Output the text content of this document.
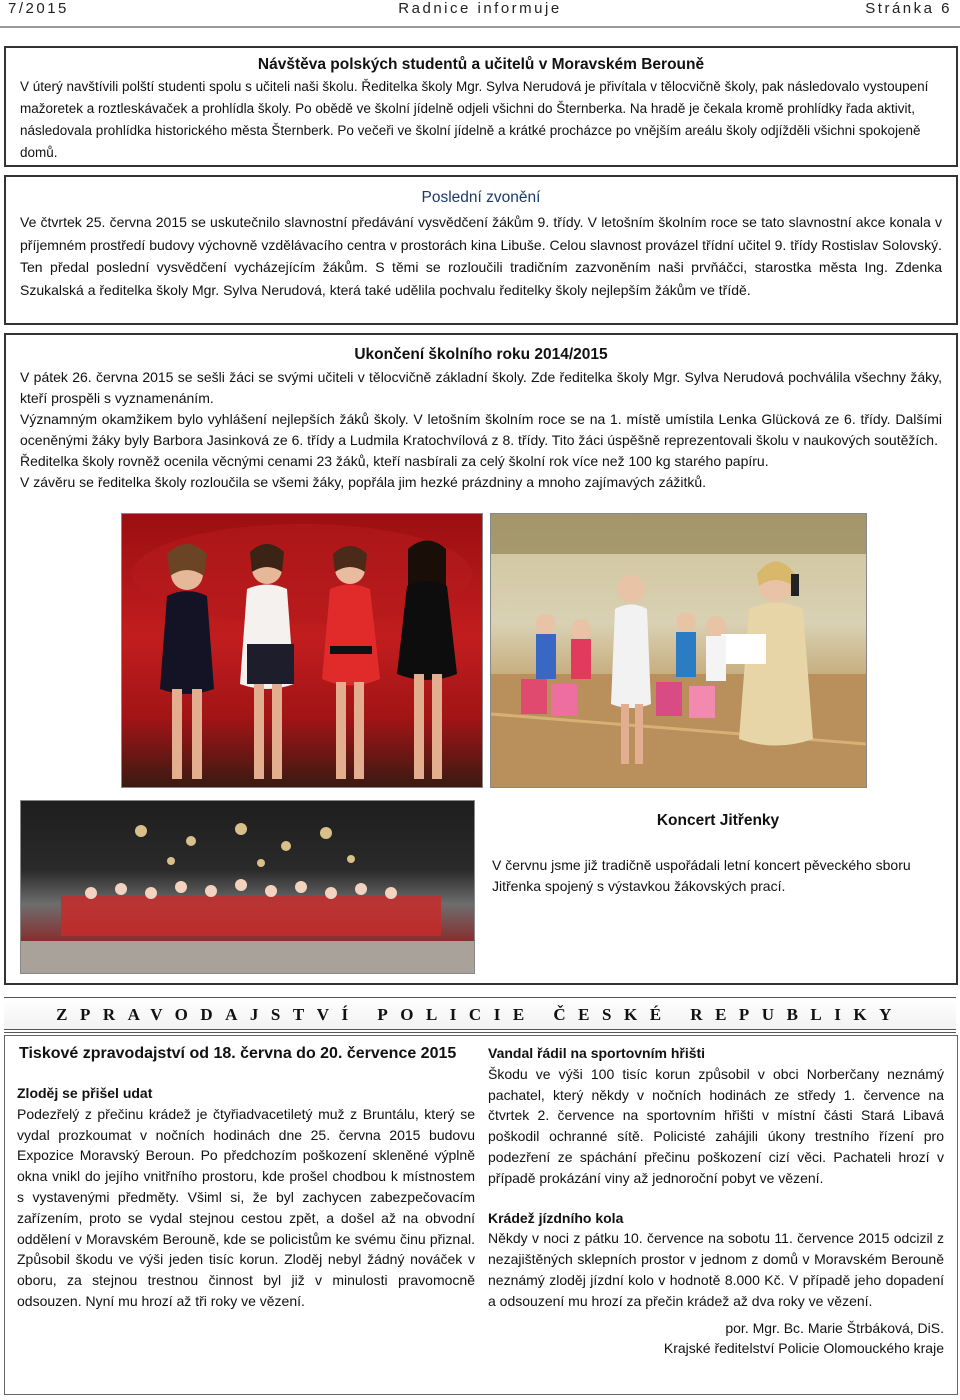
7/2015	Radnice informuje	Stránka 6
Návštěva polských studentů a učitelů v Moravském Berouně

V úterý navštívili polští studenti spolu s učiteli naši školu. Ředitelka školy Mgr. Sylva Nerudová je přivítala v tělocvičně školy, pak následovalo vystoupení mažoretek a roztleskávaček a prohlídla školy. Po obědě ve školní jídelně odjeli všichni do Šternberka. Na hradě je čekala kromě prohlídky řada aktivit, následovala prohlídka historického města Šternberk. Po večeři ve školní jídelně a krátké procházce po vnějším areálu školy odjížděli všichni spokojeně domů.

Poslední zvonění

Ve čtvrtek 25. června 2015 se uskutečnilo slavnostní předávání vysvědčení žákům 9. třídy. V letošním školním roce se tato slavnostní akce konala v příjemném prostředí budovy výchovně vzdělávacího centra v prostorách kina Libuše. Celou slavnost provázel třídní učitel 9. třídy Rostislav Solovský. Ten předal poslední vysvědčení vycházejícím žákům. S těmi se rozloučili tradičním zazvoněním naši prvňáčci, starostka města Ing. Zdenka Szukalská a ředitelka školy Mgr. Sylva Nerudová, která také udělila pochvalu ředitelky školy nejlepším žákům ve třídě.

Ukončení školního roku 2014/2015

V pátek 26. června 2015 se sešli žáci se svými učiteli v tělocvičně základní školy. Zde ředitelka školy Mgr. Sylva Nerudová pochválila všechny žáky, kteří prospěli s vyznamenáním.

Významným okamžikem bylo vyhlášení nejlepších žáků školy. V letošním školním roce se na 1. místě umístila Lenka Glücková ze 6. třídy. Dalšími oceněnými žáky byly Barbora Jasinková ze 6. třídy a Ludmila Kratochvílová z 8. třídy. Tito žáci úspěšně reprezentovali školu v naukových soutěžích.

Ředitelka školy rovněž ocenila věcnými cenami 23 žáků, kteří nasbírali za celý školní rok více než 100 kg starého papíru.

V závěru se ředitelka školy rozloučila se všemi žáky, popřála jim hezké prázdniny a mnoho zajímavých zážitků.

Koncert Jitřenky
V červnu jsme již tradičně uspořádali letní koncert pěveckého sboru Jitřenka spojený s výstavkou žákovských prací.
ZPRAVODAJSTVÍ POLICIE ČESKÉ REPUBLIKY
Tiskové zpravodajství od 18. června do 20. července 2015
Zloděj se přišel udat

Podezřelý z přečinu krádež je čtyřiadvacetiletý muž z Bruntálu, který se vydal prozkoumat v nočních hodinách dne 25. června 2015 budovu Expozice Moravský Beroun. Po předchozím poškození skleněné výplně okna vnikl do jejího vnitřního prostoru, kde prošel chodbou k místnostem s vystavenými předměty. Všiml si, že byl zachycen zabezpečovacím zařízením, proto se vydal stejnou cestou zpět, a došel až na obvodní oddělení v Moravském Berouně, kde se policistům ke svému činu přiznal. Způsobil škodu ve výši jeden tisíc korun. Zloděj nebyl žádný nováček v oboru, za stejnou trestnou činnost byl již v minulosti pravomocně odsouzen. Nyní mu hrozí až tři roky ve vězení.

Vandal řádil na sportovním hřišti

Škodu ve výši 100 tisíc korun způsobil v obci Norberčany neznámý pachatel, který někdy v nočních hodinách ze středy 1. července na čtvrtek 2. července na sportovním hřišti v místní části Stará Libavá poškodil ochranné sítě. Policisté zahájili úkony trestního řízení pro podezření ze spáchání přečinu poškození cizí věci. Pachateli hrozí v případě prokázání viny až jednoroční pobyt ve vězení.

Krádež jízdního kola

Někdy v noci z pátku 10. července na sobotu 11. července 2015 odcizil z nezajištěných sklepních prostor v jednom z domů v Moravském Berouně neznámý zloděj jízdní kolo v hodnotě 8.000 Kč. V případě jeho dopadení a odsouzení mu hrozí za přečin krádež až dva roky ve vězení.

por. Mgr. Bc. Marie Štrbáková, DiS.

Krajské ředitelství Policie Olomouckého kraje
